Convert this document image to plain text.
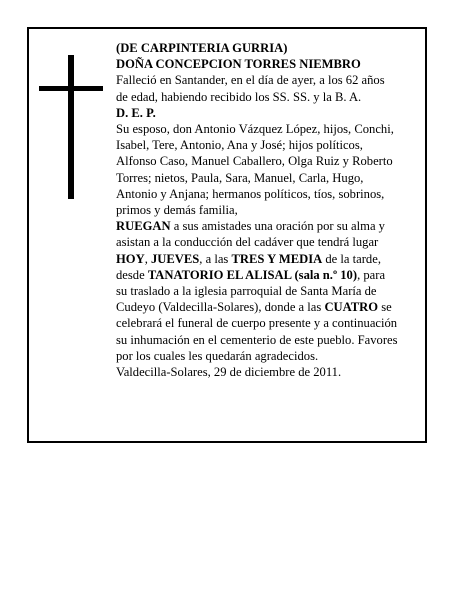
(DE CARPINTERIA GURRIA)
DOÑA CONCEPCION TORRES NIEMBRO
Falleció en Santander, en el día de ayer, a los 62 años
de edad, habiendo recibido los SS. SS. y la B. A.
D. E. P.
Su esposo, don Antonio Vázquez López, hijos, Conchi,
Isabel, Tere, Antonio, Ana y José; hijos políticos,
Alfonso Caso, Manuel Caballero, Olga Ruiz y Roberto
Torres; nietos, Paula, Sara, Manuel, Carla, Hugo,
Antonio y Anjana; hermanos políticos, tíos, sobrinos,
primos y demás familia,
RUEGAN a sus amistades una oración por su alma y
asistan a la conducción del cadáver que tendrá lugar
HOY, JUEVES, a las TRES Y MEDIA de la tarde,
desde TANATORIO EL ALISAL (sala n.º 10), para
su traslado a la iglesia parroquial de Santa María de
Cudeyo (Valdecilla-Solares), donde a las CUATRO se
celebrará el funeral de cuerpo presente y a continuación
su inhumación en el cementerio de este pueblo. Favores
por los cuales les quedarán agradecidos.
Valdecilla-Solares, 29 de diciembre de 2011.
